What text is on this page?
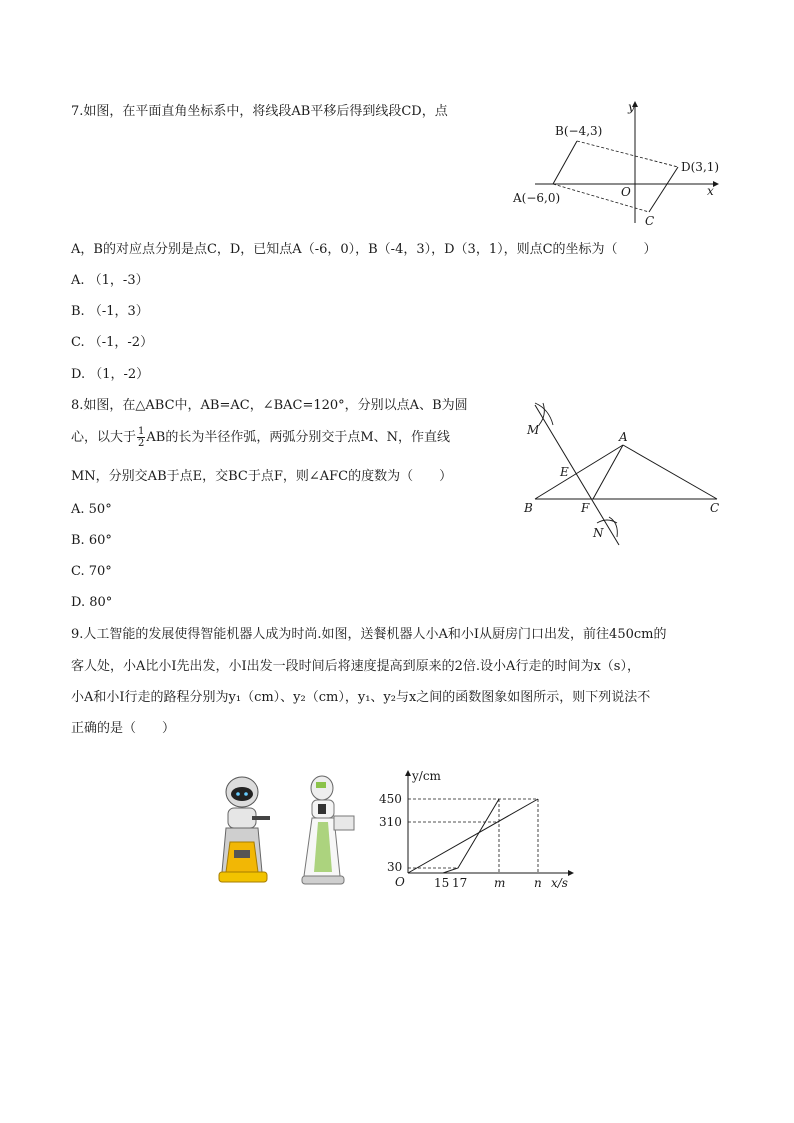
7.如图，在平面直角坐标系中，将线段AB平移后得到线段CD，点	y
x
O
B(−4,3)
D(3,1)
A(−6,0)
C
A，B的对应点分别是点C，D，已知点A（-6，0），B（-4，3），D（3，1），则点C的坐标为（　　）
A. （1，-3）
B. （-1，3）
C. （-1，-2）
D. （1，-2）
8.如图，在△ABC中，AB=AC，∠BAC=120°，分别以点A、B为圆
心，以大于 $\frac{1}{2}$ AB的长为半径作弧，两弧分别交于点M、N，作直线
MN，分别交AB于点E，交BC于点F，则∠AFC的度数为（　　）
M	A
E
B	F	C
N
A. 50°
B. 60°
C. 70°
D. 80°
9.人工智能的发展使得智能机器人成为时尚.如图，送餐机器人小A和小I从厨房门口出发，前往450cm的
客人处，小A比小I先出发，小I出发一段时间后将速度提高到原来的2倍.设小A行走的时间为x（s），
小A和小I行走的路程分别为y₁（cm）、y₂（cm），y₁、y₂与x之间的函数图象如图所示，则下列说法不
正确的是（　　）
y/cm
x/s
450
310
30
O 15 17 m n
